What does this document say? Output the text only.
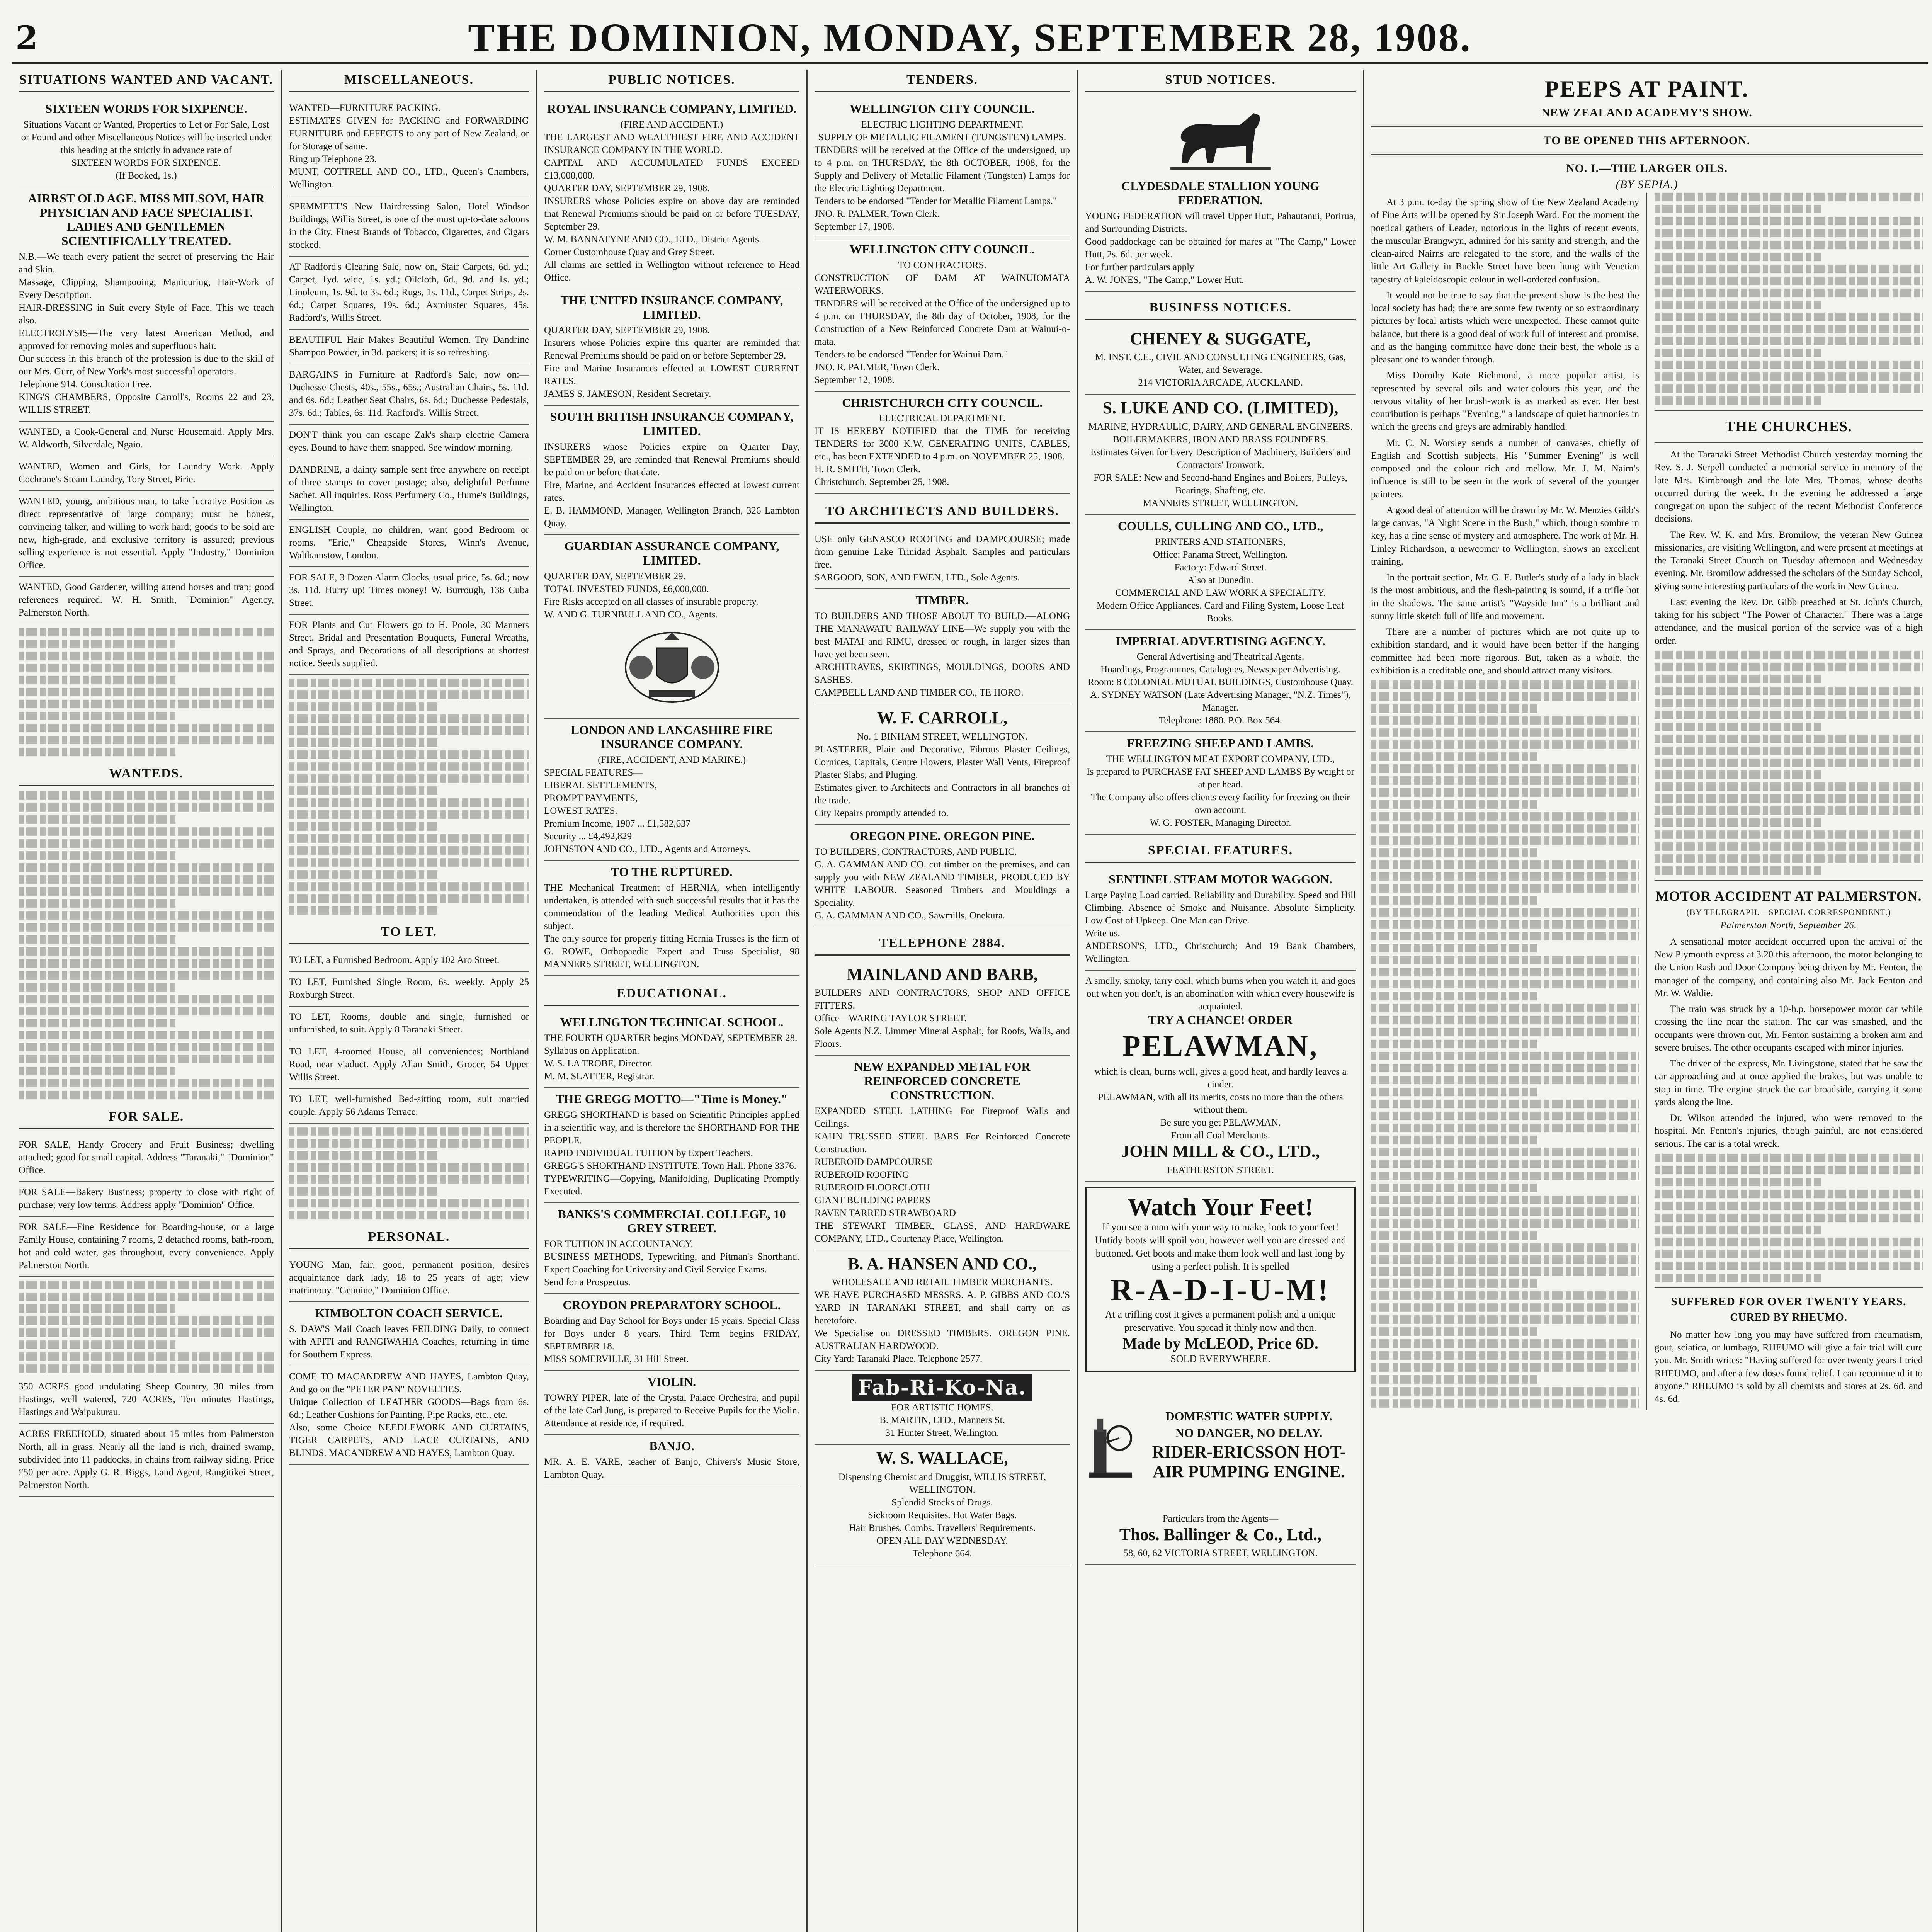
2	THE DOMINION, MONDAY, SEPTEMBER 28, 1908.
SITUATIONS WANTED AND VACANT.
SIXTEEN WORDS FOR SIXPENCE.
Situations Vacant or Wanted, Properties to Let or For Sale, Lost or Found and other Miscellaneous Notices will be inserted under this heading at the strictly in advance rate of
SIXTEEN WORDS FOR SIXPENCE.
(If Booked, 1s.)
AIRRST OLD AGE. MISS MILSOM, HAIR PHYSICIAN AND FACE SPECIALIST. LADIES AND GENTLEMEN SCIENTIFICALLY TREATED.
N.B.—We teach every patient the secret of preserving the Hair and Skin.
Massage, Clipping, Shampooing, Manicuring, Hair-Work of Every Description.
HAIR-DRESSING in Suit every Style of Face. This we teach also.
ELECTROLYSIS—The very latest American Method, and approved for removing moles and superfluous hair.
Our success in this branch of the profession is due to the skill of our Mrs. Gurr, of New York's most successful operators.
Telephone 914. Consultation Free.
KING'S CHAMBERS, Opposite Carroll's, Rooms 22 and 23, WILLIS STREET.
WANTED, a Cook-General and Nurse Housemaid. Apply Mrs. W. Aldworth, Silverdale, Ngaio.
WANTED, Women and Girls, for Laundry Work. Apply Cochrane's Steam Laundry, Tory Street, Pirie.
WANTED, young, ambitious man, to take lucrative Position as direct representative of large company; must be honest, convincing talker, and willing to work hard; goods to be sold are new, high-grade, and exclusive territory is assured; previous selling experience is not essential. Apply "Industry," Dominion Office.
WANTED, Good Gardener, willing attend horses and trap; good references required. W. H. Smith, "Dominion" Agency, Palmerston North.
WANTEDS.
FOR SALE.
FOR SALE, Handy Grocery and Fruit Business; dwelling attached; good for small capital. Address "Taranaki," "Dominion" Office.
FOR SALE—Bakery Business; property to close with right of purchase; very low terms. Address apply "Dominion" Office.
FOR SALE—Fine Residence for Boarding-house, or a large Family House, containing 7 rooms, 2 detached rooms, bath-room, hot and cold water, gas throughout, every convenience. Apply Palmerston North.
350 ACRES good undulating Sheep Country, 30 miles from Hastings, well watered, 720 ACRES, Ten minutes Hastings, Hastings and Waipukurau.
ACRES FREEHOLD, situated about 15 miles from Palmerston North, all in grass. Nearly all the land is rich, drained swamp, subdivided into 11 paddocks, in chains from railway siding. Price £50 per acre. Apply G. R. Biggs, Land Agent, Rangitikei Street, Palmerston North.
MISCELLANEOUS.
WANTED—FURNITURE PACKING.
ESTIMATES GIVEN for PACKING and FORWARDING FURNITURE and EFFECTS to any part of New Zealand, or for Storage of same.
Ring up Telephone 23.
MUNT, COTTRELL AND CO., LTD., Queen's Chambers, Wellington.
SPEMMETT'S New Hairdressing Salon, Hotel Windsor Buildings, Willis Street, is one of the most up-to-date saloons in the City. Finest Brands of Tobacco, Cigarettes, and Cigars stocked.
AT Radford's Clearing Sale, now on, Stair Carpets, 6d. yd.; Carpet, 1yd. wide, 1s. yd.; Oilcloth, 6d., 9d. and 1s. yd.; Linoleum, 1s. 9d. to 3s. 6d.; Rugs, 1s. 11d., Carpet Strips, 2s. 6d.; Carpet Squares, 19s. 6d.; Axminster Squares, 45s. Radford's, Willis Street.
BEAUTIFUL Hair Makes Beautiful Women. Try Dandrine Shampoo Powder, in 3d. packets; it is so refreshing.
BARGAINS in Furniture at Radford's Sale, now on:—Duchesse Chests, 40s., 55s., 65s.; Australian Chairs, 5s. 11d. and 6s. 6d.; Leather Seat Chairs, 6s. 6d.; Duchesse Pedestals, 37s. 6d.; Tables, 6s. 11d. Radford's, Willis Street.
DON'T think you can escape Zak's sharp electric Camera eyes. Bound to have them snapped. See window morning.
DANDRINE, a dainty sample sent free anywhere on receipt of three stamps to cover postage; also, delightful Perfume Sachet. All inquiries. Ross Perfumery Co., Hume's Buildings, Wellington.
ENGLISH Couple, no children, want good Bedroom or rooms. "Eric," Cheapside Stores, Winn's Avenue, Walthamstow, London.
FOR SALE, 3 Dozen Alarm Clocks, usual price, 5s. 6d.; now 3s. 11d. Hurry up! Times money! W. Burrough, 138 Cuba Street.
FOR Plants and Cut Flowers go to H. Poole, 30 Manners Street. Bridal and Presentation Bouquets, Funeral Wreaths, and Sprays, and Decorations of all descriptions at shortest notice. Seeds supplied.
TO LET.
TO LET, a Furnished Bedroom. Apply 102 Aro Street.
TO LET, Furnished Single Room, 6s. weekly. Apply 25 Roxburgh Street.
TO LET, Rooms, double and single, furnished or unfurnished, to suit. Apply 8 Taranaki Street.
TO LET, 4-roomed House, all conveniences; Northland Road, near viaduct. Apply Allan Smith, Grocer, 54 Upper Willis Street.
TO LET, well-furnished Bed-sitting room, suit married couple. Apply 56 Adams Terrace.
PERSONAL.
YOUNG Man, fair, good, permanent position, desires acquaintance dark lady, 18 to 25 years of age; view matrimony. "Genuine," Dominion Office.
KIMBOLTON COACH SERVICE.
S. DAW'S Mail Coach leaves FEILDING Daily, to connect with APITI and RANGIWAHIA Coaches, returning in time for Southern Express.
COME TO MACANDREW AND HAYES, Lambton Quay, And go on the "PETER PAN" NOVELTIES.
Unique Collection of LEATHER GOODS—Bags from 6s. 6d.; Leather Cushions for Painting, Pipe Racks, etc., etc.
Also, some Choice NEEDLEWORK AND CURTAINS, TIGER CARPETS, AND LACE CURTAINS, AND BLINDS. MACANDREW AND HAYES, Lambton Quay.
PUBLIC NOTICES.
ROYAL INSURANCE COMPANY, LIMITED.
(FIRE AND ACCIDENT.)
THE LARGEST AND WEALTHIEST FIRE AND ACCIDENT INSURANCE COMPANY IN THE WORLD.
CAPITAL AND ACCUMULATED FUNDS EXCEED £13,000,000.
QUARTER DAY, SEPTEMBER 29, 1908.
INSURERS whose Policies expire on above day are reminded that Renewal Premiums should be paid on or before TUESDAY, September 29.
W. M. BANNATYNE AND CO., LTD., District Agents.
Corner Customhouse Quay and Grey Street.
All claims are settled in Wellington without reference to Head Office.
THE UNITED INSURANCE COMPANY, LIMITED.
QUARTER DAY, SEPTEMBER 29, 1908.
Insurers whose Policies expire this quarter are reminded that Renewal Premiums should be paid on or before September 29.
Fire and Marine Insurances effected at LOWEST CURRENT RATES.
JAMES S. JAMESON, Resident Secretary.
SOUTH BRITISH INSURANCE COMPANY, LIMITED.
INSURERS whose Policies expire on Quarter Day, SEPTEMBER 29, are reminded that Renewal Premiums should be paid on or before that date.
Fire, Marine, and Accident Insurances effected at lowest current rates.
E. B. HAMMOND, Manager, Wellington Branch, 326 Lambton Quay.
GUARDIAN ASSURANCE COMPANY, LIMITED.
QUARTER DAY, SEPTEMBER 29.
TOTAL INVESTED FUNDS, £6,000,000.
Fire Risks accepted on all classes of insurable property.
W. AND G. TURNBULL AND CO., Agents.
LONDON AND LANCASHIRE FIRE INSURANCE COMPANY.
(FIRE, ACCIDENT, AND MARINE.)
SPECIAL FEATURES—
LIBERAL SETTLEMENTS,
PROMPT PAYMENTS,
LOWEST RATES.
Premium Income, 1907 ... £1,582,637
Security ... £4,492,829
JOHNSTON AND CO., LTD., Agents and Attorneys.
TO THE RUPTURED.
THE Mechanical Treatment of HERNIA, when intelligently undertaken, is attended with such successful results that it has the commendation of the leading Medical Authorities upon this subject.
The only source for properly fitting Hernia Trusses is the firm of G. ROWE, Orthopaedic Expert and Truss Specialist, 98 MANNERS STREET, WELLINGTON.
EDUCATIONAL.
WELLINGTON TECHNICAL SCHOOL.
THE FOURTH QUARTER begins MONDAY, SEPTEMBER 28.
Syllabus on Application.
W. S. LA TROBE, Director.
M. M. SLATTER, Registrar.
THE GREGG MOTTO—"Time is Money."
GREGG SHORTHAND is based on Scientific Principles applied in a scientific way, and is therefore the SHORTHAND FOR THE PEOPLE.
RAPID INDIVIDUAL TUITION by Expert Teachers.
GREGG'S SHORTHAND INSTITUTE, Town Hall. Phone 3376.
TYPEWRITING—Copying, Manifolding, Duplicating Promptly Executed.
BANKS'S COMMERCIAL COLLEGE, 10 GREY STREET.
FOR TUITION IN ACCOUNTANCY.
BUSINESS METHODS, Typewriting, and Pitman's Shorthand. Expert Coaching for University and Civil Service Exams.
Send for a Prospectus.
CROYDON PREPARATORY SCHOOL.
Boarding and Day School for Boys under 15 years. Special Class for Boys under 8 years. Third Term begins FRIDAY, SEPTEMBER 18.
MISS SOMERVILLE, 31 Hill Street.
VIOLIN.
TOWRY PIPER, late of the Crystal Palace Orchestra, and pupil of the late Carl Jung, is prepared to Receive Pupils for the Violin. Attendance at residence, if required.
BANJO.
MR. A. E. VARE, teacher of Banjo, Chivers's Music Store, Lambton Quay.
TENDERS.
WELLINGTON CITY COUNCIL.
ELECTRIC LIGHTING DEPARTMENT.
SUPPLY OF METALLIC FILAMENT (TUNGSTEN) LAMPS.
TENDERS will be received at the Office of the undersigned, up to 4 p.m. on THURSDAY, the 8th OCTOBER, 1908, for the Supply and Delivery of Metallic Filament (Tungsten) Lamps for the Electric Lighting Department.
Tenders to be endorsed "Tender for Metallic Filament Lamps."
JNO. R. PALMER, Town Clerk.
September 17, 1908.
WELLINGTON CITY COUNCIL.
TO CONTRACTORS.
CONSTRUCTION OF DAM AT WAINUIOMATA WATERWORKS.
TENDERS will be received at the Office of the undersigned up to 4 p.m. on THURSDAY, the 8th day of October, 1908, for the Construction of a New Reinforced Concrete Dam at Wainui-o-mata.
Tenders to be endorsed "Tender for Wainui Dam."
JNO. R. PALMER, Town Clerk.
September 12, 1908.
CHRISTCHURCH CITY COUNCIL.
ELECTRICAL DEPARTMENT.
IT IS HEREBY NOTIFIED that the TIME for receiving TENDERS for 3000 K.W. GENERATING UNITS, CABLES, etc., has been EXTENDED to 4 p.m. on NOVEMBER 25, 1908.
H. R. SMITH, Town Clerk.
Christchurch, September 25, 1908.
TO ARCHITECTS AND BUILDERS.
USE only GENASCO ROOFING and DAMPCOURSE; made from genuine Lake Trinidad Asphalt. Samples and particulars free.
SARGOOD, SON, AND EWEN, LTD., Sole Agents.
TIMBER.
TO BUILDERS AND THOSE ABOUT TO BUILD.—ALONG THE MANAWATU RAILWAY LINE—We supply you with the best MATAI and RIMU, dressed or rough, in larger sizes than have yet been seen.
ARCHITRAVES, SKIRTINGS, MOULDINGS, DOORS AND SASHES.
CAMPBELL LAND AND TIMBER CO., TE HORO.
W. F. CARROLL,
No. 1 BINHAM STREET, WELLINGTON.
PLASTERER, Plain and Decorative, Fibrous Plaster Ceilings, Cornices, Capitals, Centre Flowers, Plaster Wall Vents, Fireproof Plaster Slabs, and Pluging.
Estimates given to Architects and Contractors in all branches of the trade.
City Repairs promptly attended to.
OREGON PINE. OREGON PINE.
TO BUILDERS, CONTRACTORS, AND PUBLIC.
G. A. GAMMAN AND CO. cut timber on the premises, and can supply you with NEW ZEALAND TIMBER, PRODUCED BY WHITE LABOUR. Seasoned Timbers and Mouldings a Speciality.
G. A. GAMMAN AND CO., Sawmills, Onekura.
TELEPHONE 2884.
MAINLAND AND BARB,
BUILDERS AND CONTRACTORS, SHOP AND OFFICE FITTERS.
Office—WARING TAYLOR STREET.
Sole Agents N.Z. Limmer Mineral Asphalt, for Roofs, Walls, and Floors.
NEW EXPANDED METAL FOR REINFORCED CONCRETE CONSTRUCTION.
EXPANDED STEEL LATHING For Fireproof Walls and Ceilings.
KAHN TRUSSED STEEL BARS For Reinforced Concrete Construction.
RUBEROID DAMPCOURSE
RUBEROID ROOFING
RUBEROID FLOORCLOTH
GIANT BUILDING PAPERS
RAVEN TARRED STRAWBOARD
THE STEWART TIMBER, GLASS, AND HARDWARE COMPANY, LTD., Courtenay Place, Wellington.
B. A. HANSEN AND CO.,
WHOLESALE AND RETAIL TIMBER MERCHANTS.
WE HAVE PURCHASED MESSRS. A. P. GIBBS AND CO.'S YARD IN TARANAKI STREET, and shall carry on as heretofore.
We Specialise on DRESSED TIMBERS. OREGON PINE. AUSTRALIAN HARDWOOD.
City Yard: Taranaki Place. Telephone 2577.
Fab-Ri-Ko-Na.
FOR ARTISTIC HOMES.
B. MARTIN, LTD., Manners St.
31 Hunter Street, Wellington.
W. S. WALLACE,
Dispensing Chemist and Druggist, WILLIS STREET, WELLINGTON.
Splendid Stocks of Drugs.
Sickroom Requisites. Hot Water Bags.
Hair Brushes. Combs. Travellers' Requirements.
OPEN ALL DAY WEDNESDAY.
Telephone 664.
STUD NOTICES.
CLYDESDALE STALLION YOUNG FEDERATION.
YOUNG FEDERATION will travel Upper Hutt, Pahautanui, Porirua, and Surrounding Districts.
Good paddockage can be obtained for mares at "The Camp," Lower Hutt, 2s. 6d. per week.
For further particulars apply
A. W. JONES, "The Camp," Lower Hutt.
BUSINESS NOTICES.
CHENEY & SUGGATE,
M. INST. C.E., CIVIL AND CONSULTING ENGINEERS, Gas, Water, and Sewerage.
214 VICTORIA ARCADE, AUCKLAND.
S. LUKE AND CO. (LIMITED),
MARINE, HYDRAULIC, DAIRY, AND GENERAL ENGINEERS.
BOILERMAKERS, IRON AND BRASS FOUNDERS.
Estimates Given for Every Description of Machinery, Builders' and Contractors' Ironwork.
FOR SALE: New and Second-hand Engines and Boilers, Pulleys, Bearings, Shafting, etc.
MANNERS STREET, WELLINGTON.
COULLS, CULLING AND CO., LTD.,
PRINTERS AND STATIONERS,
Office: Panama Street, Wellington.
Factory: Edward Street.
Also at Dunedin.
COMMERCIAL AND LAW WORK A SPECIALITY.
Modern Office Appliances. Card and Filing System, Loose Leaf Books.
IMPERIAL ADVERTISING AGENCY.
General Advertising and Theatrical Agents.
Hoardings, Programmes, Catalogues, Newspaper Advertising.
Room: 8 COLONIAL MUTUAL BUILDINGS, Customhouse Quay.
A. SYDNEY WATSON (Late Advertising Manager, "N.Z. Times"), Manager.
Telephone: 1880. P.O. Box 564.
FREEZING SHEEP AND LAMBS.
THE WELLINGTON MEAT EXPORT COMPANY, LTD.,
Is prepared to PURCHASE FAT SHEEP AND LAMBS By weight or at per head.
The Company also offers clients every facility for freezing on their own account.
W. G. FOSTER, Managing Director.
SPECIAL FEATURES.
SENTINEL STEAM MOTOR WAGGON.
Large Paying Load carried. Reliability and Durability. Speed and Hill Climbing. Absence of Smoke and Nuisance. Absolute Simplicity. Low Cost of Upkeep. One Man can Drive.
Write us.
ANDERSON'S, LTD., Christchurch; And 19 Bank Chambers, Wellington.
A smelly, smoky, tarry coal, which burns when you watch it, and goes out when you don't, is an abomination with which every housewife is acquainted.
TRY A CHANCE! ORDER
PELAWMAN,
which is clean, burns well, gives a good heat, and hardly leaves a cinder.
PELAWMAN, with all its merits, costs no more than the others without them.
Be sure you get PELAWMAN.
From all Coal Merchants.
JOHN MILL & CO., LTD.,
FEATHERSTON STREET.
Watch Your Feet!
If you see a man with your way to make, look to your feet! Untidy boots will spoil you, however well you are dressed and buttoned. Get boots and make them look well and last long by using a perfect polish. It is spelled
R-A-D-I-U-M!
At a trifling cost it gives a permanent polish and a unique preservative. You spread it thinly now and then.
Made by McLEOD, Price 6D.
SOLD EVERYWHERE.
DOMESTIC WATER SUPPLY.
NO DANGER, NO DELAY.
RIDER-ERICSSON HOT-AIR PUMPING ENGINE.
Particulars from the Agents—
Thos. Ballinger & Co., Ltd.,
58, 60, 62 VICTORIA STREET, WELLINGTON.
PEEPS AT PAINT.
NEW ZEALAND ACADEMY'S SHOW.
TO BE OPENED THIS AFTERNOON.
NO. I.—THE LARGER OILS.
(BY SEPIA.)

At 3 p.m. to-day the spring show of the New Zealand Academy of Fine Arts will be opened by Sir Joseph Ward. For the moment the poetical gathers of Leader, notorious in the lights of recent events, the muscular Brangwyn, admired for his sanity and strength, and the clean-aired Nairns are relegated to the store, and the walls of the little Art Gallery in Buckle Street have been hung with Venetian tapestry of kaleidoscopic colour in well-ordered confusion.

It would not be true to say that the present show is the best the local society has had; there are some few twenty or so extraordinary pictures by local artists which were unexpected. These cannot quite balance, but there is a good deal of work full of interest and promise, and as the hanging committee have done their best, the whole is a pleasant one to wander through.

Miss Dorothy Kate Richmond, a more popular artist, is represented by several oils and water-colours this year, and the nervous vitality of her brush-work is as marked as ever. Her best contribution is perhaps "Evening," a landscape of quiet harmonies in which the greens and greys are admirably handled.

Mr. C. N. Worsley sends a number of canvases, chiefly of English and Scottish subjects. His "Summer Evening" is well composed and the colour rich and mellow. Mr. J. M. Nairn's influence is still to be seen in the work of several of the younger painters.

A good deal of attention will be drawn by Mr. W. Menzies Gibb's large canvas, "A Night Scene in the Bush," which, though sombre in key, has a fine sense of mystery and atmosphere. The work of Mr. H. Linley Richardson, a newcomer to Wellington, shows an excellent training.

In the portrait section, Mr. G. E. Butler's study of a lady in black is the most ambitious, and the flesh-painting is sound, if a trifle hot in the shadows. The same artist's "Wayside Inn" is a brilliant and sunny little sketch full of life and movement.

There are a number of pictures which are not quite up to exhibition standard, and it would have been better if the hanging committee had been more rigorous. But, taken as a whole, the exhibition is a creditable one, and should attract many visitors.

THE CHURCHES.

At the Taranaki Street Methodist Church yesterday morning the Rev. S. J. Serpell conducted a memorial service in memory of the late Mrs. Kimbrough and the late Mrs. Thomas, whose deaths occurred during the week. In the evening he addressed a large congregation upon the subject of the recent Methodist Conference decisions.

The Rev. W. K. and Mrs. Bromilow, the veteran New Guinea missionaries, are visiting Wellington, and were present at meetings at the Taranaki Street Church on Tuesday afternoon and Wednesday evening. Mr. Bromilow addressed the scholars of the Sunday School, giving some interesting particulars of the work in New Guinea.

Last evening the Rev. Dr. Gibb preached at St. John's Church, taking for his subject "The Power of Character." There was a large attendance, and the musical portion of the service was of a high order.

MOTOR ACCIDENT AT PALMERSTON.
(BY TELEGRAPH.—SPECIAL CORRESPONDENT.)
Palmerston North, September 26.

A sensational motor accident occurred upon the arrival of the New Plymouth express at 3.20 this afternoon, the motor belonging to the Union Rash and Door Company being driven by Mr. Fenton, the manager of the company, and containing also Mr. Jack Fenton and Mr. W. Waldie.

The train was struck by a 10-h.p. horsepower motor car while crossing the line near the station. The car was smashed, and the occupants were thrown out, Mr. Fenton sustaining a broken arm and severe bruises. The other occupants escaped with minor injuries.

The driver of the express, Mr. Livingstone, stated that he saw the car approaching and at once applied the brakes, but was unable to stop in time. The engine struck the car broadside, carrying it some yards along the line.

Dr. Wilson attended the injured, who were removed to the hospital. Mr. Fenton's injuries, though painful, are not considered serious. The car is a total wreck.

SUFFERED FOR OVER TWENTY YEARS.
CURED BY RHEUMO.

No matter how long you may have suffered from rheumatism, gout, sciatica, or lumbago, RHEUMO will give a fair trial will cure you. Mr. Smith writes: "Having suffered for over twenty years I tried RHEUMO, and after a few doses found relief. I can recommend it to anyone." RHEUMO is sold by all chemists and stores at 2s. 6d. and 4s. 6d.
